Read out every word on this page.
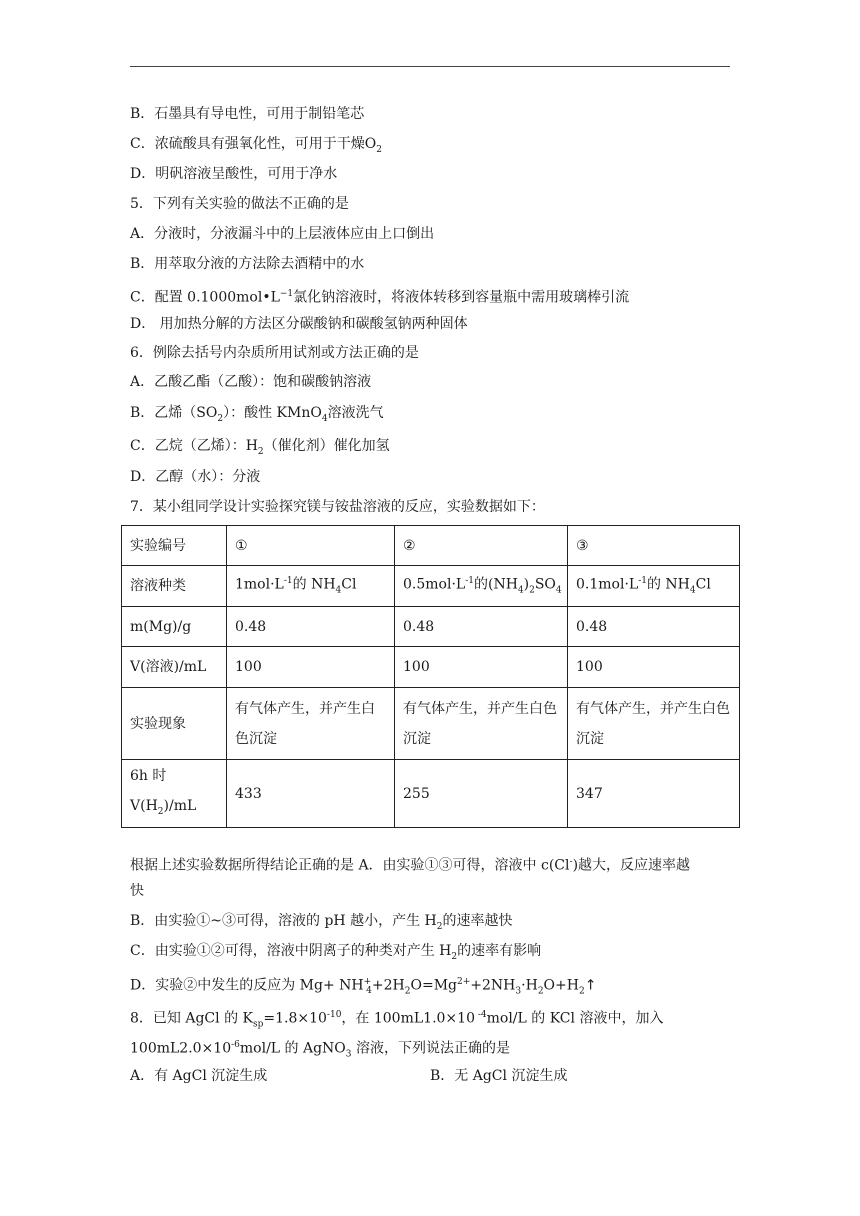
B．石墨具有导电性，可用于制铅笔芯
C．浓硫酸具有强氧化性，可用于干燥$O_2$
D．明矾溶液呈酸性，可用于净水
5．下列有关实验的做法不正确的是
A．分液时，分液漏斗中的上层液体应由上口倒出
B．用萃取分液的方法除去酒精中的水
C．配置 $0.1000mol•L^{-1}$氯化钠溶液时，将液体转移到容量瓶中需用玻璃棒引流
D． 用加热分解的方法区分碳酸钠和碳酸氢钠两种固体
6．例除去括号内杂质所用试剂或方法正确的是
A．乙酸乙酯（乙酸）：饱和碳酸钠溶液
B．乙烯$(SO_2)$：酸性 KMnO$_4$溶液洗气
C．乙烷（乙烯）：$H_2$（催化剂）催化加氢
D．乙醇（水）：分液
7．某小组同学设计实验探究镁与铵盐溶液的反应，实验数据如下：
实验编号	①	②	③
溶液种类	$1mol\cdot L^{-1}$的 $NH_4Cl$	$0.5mol\cdot L^{-1}$的$(NH_4)_2SO_4$	$0.1mol\cdot L^{-1}$的 $NH_4Cl$
m(Mg)/g	0.48	0.48	0.48
V(溶液)/mL	100	100	100
实验现象	有气体产生，并产生白色沉淀	有气体产生，并产生白色沉淀	有气体产生，并产生白色沉淀

6h 时
$V(H_2)/mL$	433	255	347
根据上述实验数据所得结论正确的是 A．由实验①③可得，溶液中 c(Cl-)越大，反应速率越
快
B．由实验①~③可得，溶液的 pH 越小，产生 $H_2$的速率越快
C．由实验①②可得，溶液中阴离子的种类对产生 $H_2$的速率有影响
D．实验②中发生的反应为 $Mg+ NH^+_4+2H_2O=Mg^{2+}+2NH_3\cdot H_2O+H_2↑$
8．已知 AgCl 的 $K_{sp}=1.8\times 10^{-10}$，在 100mL1.0×10 $^{-4}$mol/L 的 KCl 溶液中，加入
$100mL2.0\times 10^{-6}mol/L$ 的 AgNO$_3$ 溶液，下列说法正确的是
A．有 AgCl 沉淀生成	B．无 AgCl 沉淀生成
